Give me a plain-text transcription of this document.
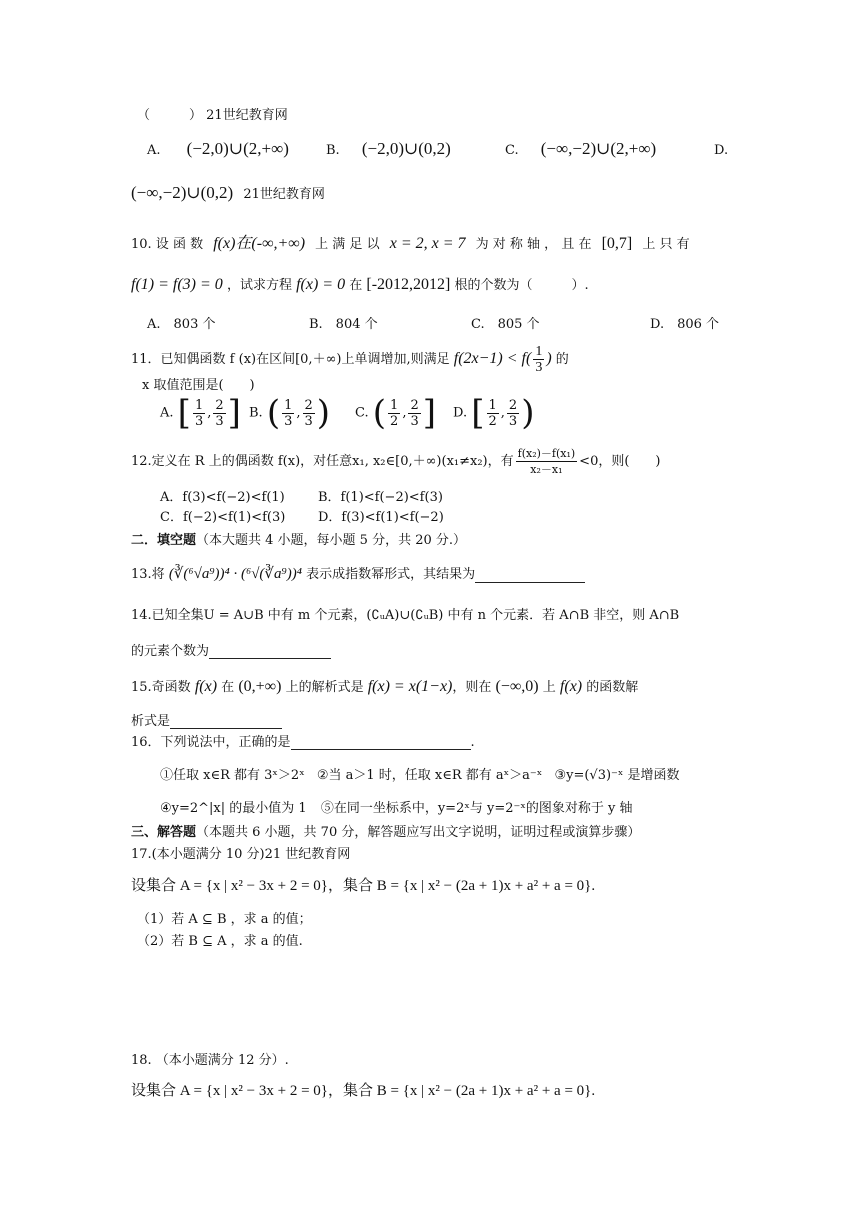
（　　　） 21世纪教育网
A. (−2,0)∪(2,+∞)	B. (−2,0)∪(0,2)	C. (−∞,−2)∪(2,+∞)	D.
(−∞,−2)∪(0,2) 21世纪教育网
10. 设 函 数 f(x)在(-∞,+∞) 上 满 足 以 x = 2, x = 7 为 对 称 轴 ， 且 在 [0,7] 上 只 有
f(1) = f(3) = 0 ，试求方程 f(x) = 0 在 [-2012,2012] 根的个数为（　　　）.
A.　803 个	B.　804 个	C.　805 个	D.　806 个
11．已知偶函数 f (x)在区间[0,＋∞)上单调增加,则满足 $f(2x-1) < f( \frac{1}{3}$ ) 的
x 取值范围是(　　)
A. [ $\frac{1}{3}$ , $\frac{2}{3}$ ] B. ( $\frac{1}{3}$ , $\frac{2}{3}$ ) C. ( $\frac{1}{2}$ , $\frac{2}{3}$ ] D. [ $\frac{1}{2}$ , $\frac{2}{3}$ )
12.定义在 R 上的偶函数 f(x)，对任意x₁, x₂∈[0,＋∞)(x₁≠x₂)，有 $\frac{\text{f(x₂)－f(x₁)}}{\text{x₂－x₁}} <0$，则(　　)
A．f(3)<f(−2)<f(1)	B．f(1)<f(−2)<f(3)
C．f(−2)<f(1)<f(3)	D．f(3)<f(1)<f(−2)
二．填空题（本大题共 4 小题，每小题 5 分，共 20 分.）
13.将 (∛(⁶√a⁹))⁴ · (⁶√(∛a⁹))⁴ 表示成指数幂形式，其结果为
14.已知全集U = A∪B 中有 m 个元素，(∁ᵤA)∪(∁ᵤB) 中有 n 个元素．若 A∩B 非空，则 A∩B
的元素个数为
15.奇函数 f(x) 在 (0,+∞) 上的解析式是 f(x) = x(1−x)，则在 (−∞,0) 上 f(x) 的函数解
析式是
16．下列说法中，正确的是	.
①任取 x∈R 都有 3ˣ＞2ˣ ②当 a＞1 时，任取 x∈R 都有 aˣ＞a⁻ˣ ③y=(√3)⁻ˣ 是增函数
④y=2^|x| 的最小值为 1 ⑤在同一坐标系中，y=2ˣ与 y=2⁻ˣ的图象对称于 y 轴
三、解答题（本题共 6 小题，共 70 分，解答题应写出文字说明，证明过程或演算步骤）
17.(本小题满分 10 分)21 世纪教育网
设集合 A = {x | x² − 3x + 2 = 0}，集合 B = {x | x² − (2a + 1)x + a² + a = 0}.
（1）若 A ⊆ B ，求 a 的值；
（2）若 B ⊆ A ，求 a 的值.
18. （本小题满分 12 分）.
设集合 A = {x | x² − 3x + 2 = 0}，集合 B = {x | x² − (2a + 1)x + a² + a = 0}.
